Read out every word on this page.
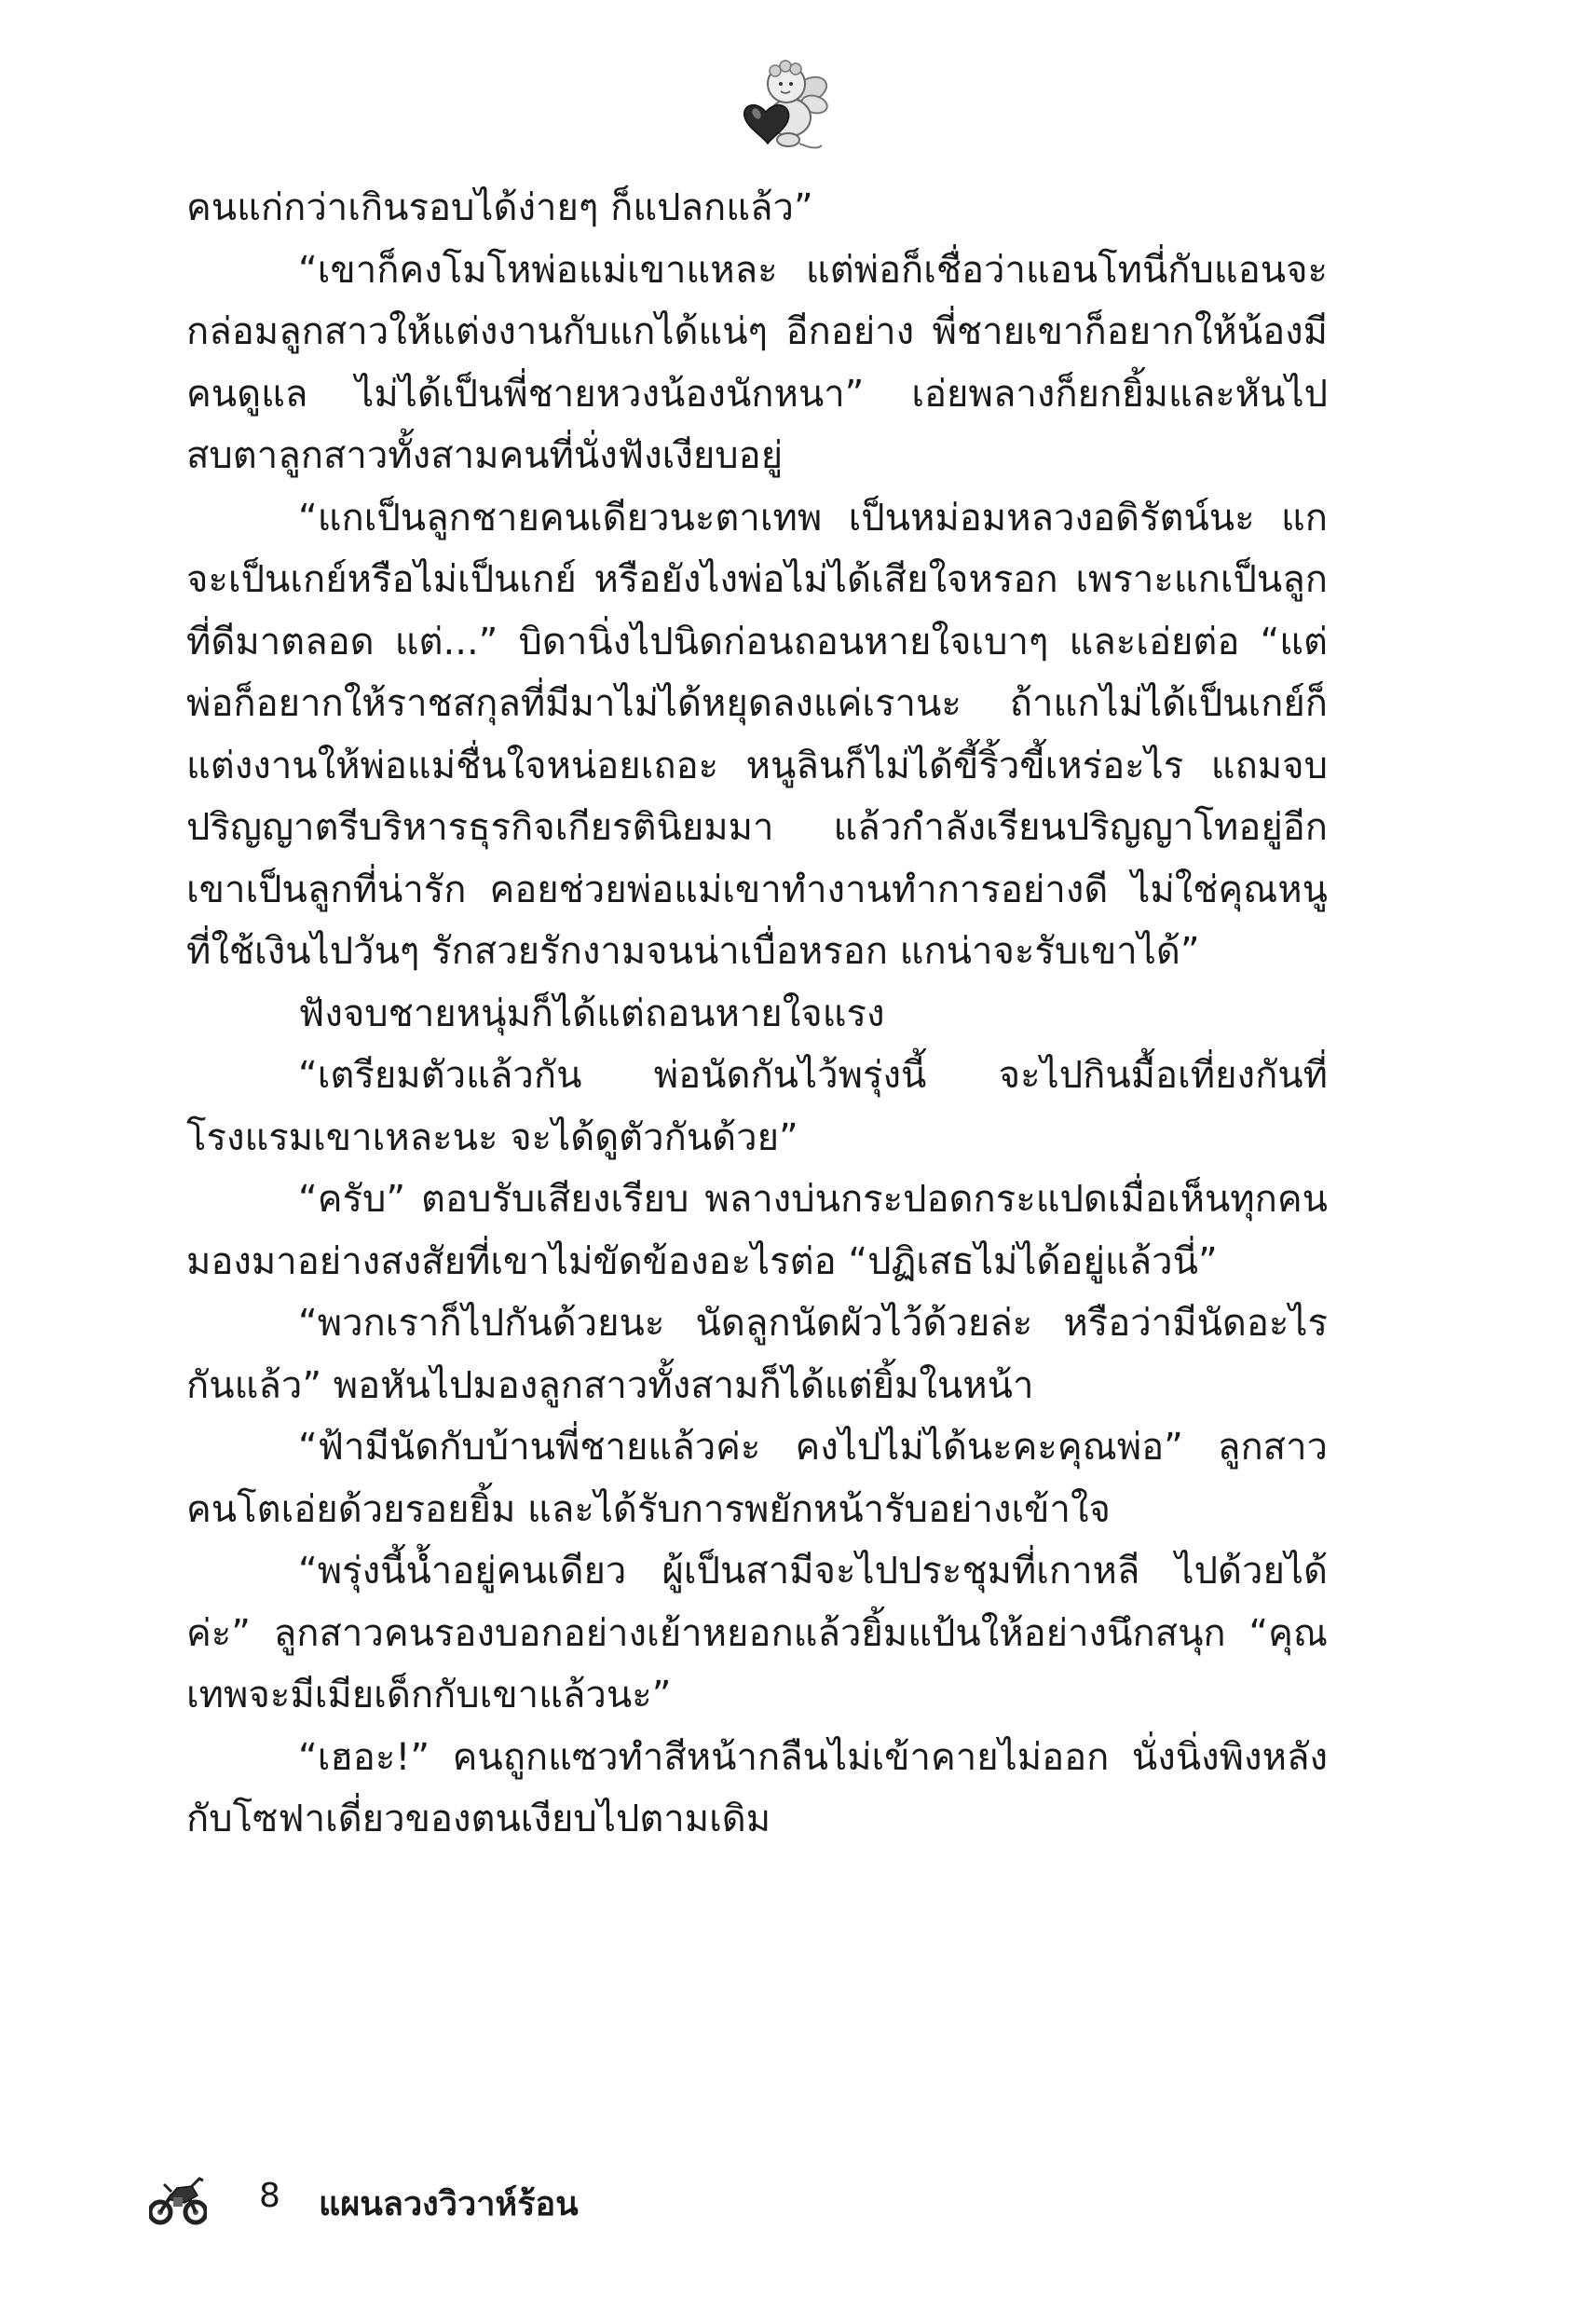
คนแก่กว่าเกินรอบได้ง่ายๆ ก็แปลกแล้ว”

“เขาก็คงโมโหพ่อแม่เขาแหละ แต่พ่อก็เชื่อว่าแอนโทนี่กับแอนจะกล่อมลูกสาวให้แต่งงานกับแกได้แน่ๆ อีกอย่าง พี่ชายเขาก็อยากให้น้องมีคนดูแล ไม่ได้เป็นพี่ชายหวงน้องนักหนา” เอ่ยพลางก็ยกยิ้มและหันไปสบตาลูกสาวทั้งสามคนที่นั่งฟังเงียบอยู่

“แกเป็นลูกชายคนเดียวนะตาเทพ เป็นหม่อมหลวงอดิรัตน์นะ แกจะเป็นเกย์หรือไม่เป็นเกย์ หรือยังไงพ่อไม่ได้เสียใจหรอก เพราะแกเป็นลูกที่ดีมาตลอด แต่...” บิดานิ่งไปนิดก่อนถอนหายใจเบาๆ และเอ่ยต่อ “แต่พ่อก็อยากให้ราชสกุลที่มีมาไม่ได้หยุดลงแค่เรานะ ถ้าแกไม่ได้เป็นเกย์ก็แต่งงานให้พ่อแม่ชื่นใจหน่อยเถอะ หนูลินก็ไม่ได้ขี้ริ้วขี้เหร่อะไร แถมจบปริญญาตรีบริหารธุรกิจเกียรตินิยมมา แล้วกำลังเรียนปริญญาโทอยู่อีก เขาเป็นลูกที่น่ารัก คอยช่วยพ่อแม่เขาทำงานทำการอย่างดี ไม่ใช่คุณหนูที่ใช้เงินไปวันๆ รักสวยรักงามจนน่าเบื่อหรอก แกน่าจะรับเขาได้”

ฟังจบชายหนุ่มก็ได้แต่ถอนหายใจแรง

“เตรียมตัวแล้วกัน พ่อนัดกันไว้พรุ่งนี้ จะไปกินมื้อเที่ยงกันที่โรงแรมเขาเหละนะ จะได้ดูตัวกันด้วย”

“ครับ” ตอบรับเสียงเรียบ พลางบ่นกระปอดกระแปดเมื่อเห็นทุกคนมองมาอย่างสงสัยที่เขาไม่ขัดข้องอะไรต่อ “ปฏิเสธไม่ได้อยู่แล้วนี่”

“พวกเราก็ไปกันด้วยนะ นัดลูกนัดผัวไว้ด้วยล่ะ หรือว่ามีนัดอะไรกันแล้ว” พอหันไปมองลูกสาวทั้งสามก็ได้แต่ยิ้มในหน้า

“ฟ้ามีนัดกับบ้านพี่ชายแล้วค่ะ คงไปไม่ได้นะคะคุณพ่อ” ลูกสาวคนโตเอ่ยด้วยรอยยิ้ม และได้รับการพยักหน้ารับอย่างเข้าใจ

“พรุ่งนี้น้ำอยู่คนเดียว ผู้เป็นสามีจะไปประชุมที่เกาหลี ไปด้วยได้ค่ะ” ลูกสาวคนรองบอกอย่างเย้าหยอกแล้วยิ้มแป้นให้อย่างนึกสนุก “คุณเทพจะมีเมียเด็กกับเขาแล้วนะ”

“เฮอะ!” คนถูกแซวทำสีหน้ากลืนไม่เข้าคายไม่ออก นั่งนิ่งพิงหลังกับโซฟาเดี่ยวของตนเงียบไปตามเดิม

8 แผนลวงวิวาห์ร้อน
